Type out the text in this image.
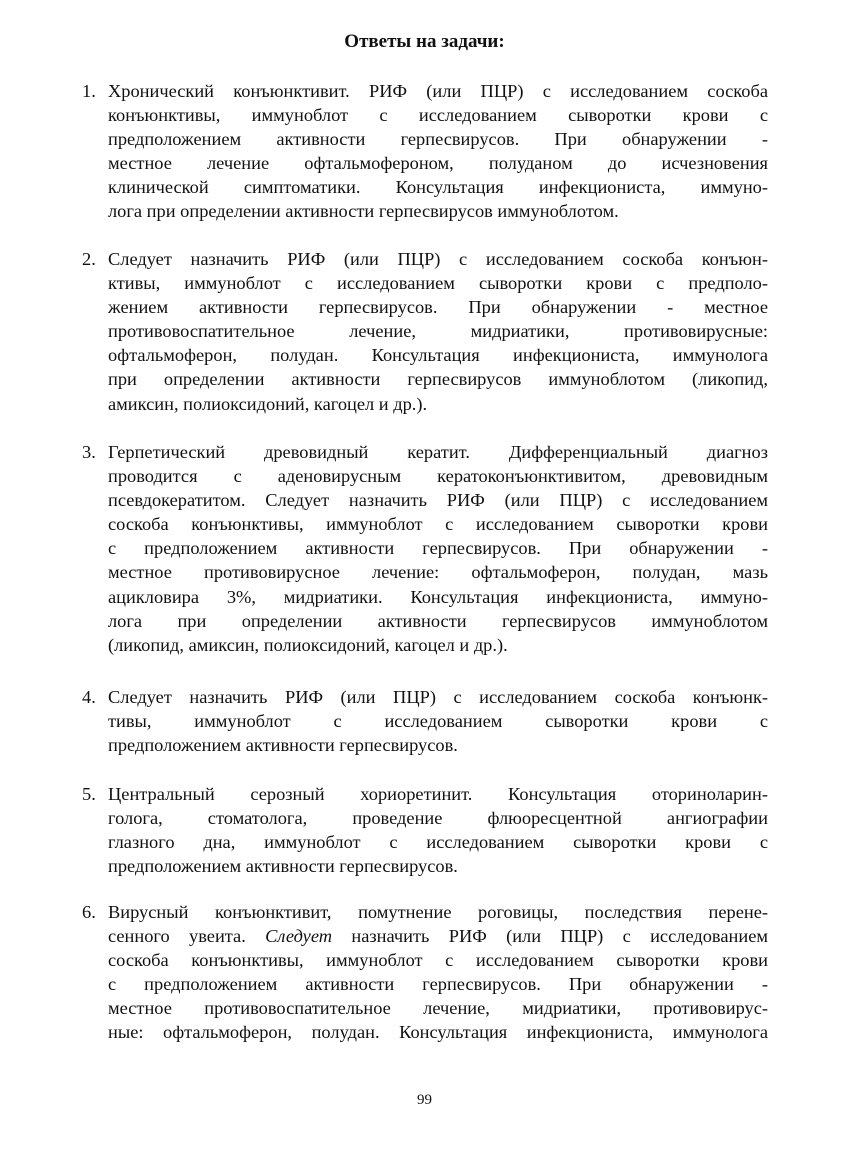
Ответы на задачи:
1. Хронический конъюнктивит. РИФ (или ПЦР) с исследованием соскоба
конъюнктивы, иммуноблот с исследованием сыворотки крови с
предположением активности герпесвирусов. При обнаружении -
местное лечение офтальмофероном, полуданом до исчезновения
клинической симптоматики. Консультация инфекциониста, иммуно-
лога при определении активности герпесвирусов иммуноблотом.
2. Следует назначить РИФ (или ПЦР) с исследованием соскоба конъюн-
ктивы, иммуноблот с исследованием сыворотки крови с предполо-
жением активности герпесвирусов. При обнаружении - местное
противовоспатительное лечение, мидриатики, противовирусные:
офтальмоферон, полудан. Консультация инфекциониста, иммунолога
при определении активности герпесвирусов иммуноблотом (ликопид,
амиксин, полиоксидоний, кагоцел и др.).
3. Герпетический древовидный кератит. Дифференциальный диагноз
проводится с аденовирусным кератоконъюнктивитом, древовидным
псевдокератитом. Следует назначить РИФ (или ПЦР) с исследованием
соскоба конъюнктивы, иммуноблот с исследованием сыворотки крови
с предположением активности герпесвирусов. При обнаружении -
местное противовирусное лечение: офтальмоферон, полудан, мазь
ацикловира 3%, мидриатики. Консультация инфекциониста, иммуно-
лога при определении активности герпесвирусов иммуноблотом
(ликопид, амиксин, полиоксидоний, кагоцел и др.).
4. Следует назначить РИФ (или ПЦР) с исследованием соскоба конъюнк-
тивы, иммуноблот с исследованием сыворотки крови с
предположением активности герпесвирусов.
5. Центральный серозный хориоретинит. Консультация оториноларин-
голога, стоматолога, проведение флюоресцентной ангиографии
глазного дна, иммуноблот с исследованием сыворотки крови с
предположением активности герпесвирусов.
6. Вирусный конъюнктивит, помутнение роговицы, последствия перене-
сенного увеита. Следует назначить РИФ (или ПЦР) с исследованием
соскоба конъюнктивы, иммуноблот с исследованием сыворотки крови
с предположением активности герпесвирусов. При обнаружении -
местное противовоспатительное лечение, мидриатики, противовирус-
ные: офтальмоферон, полудан. Консультация инфекциониста, иммунологa
99
